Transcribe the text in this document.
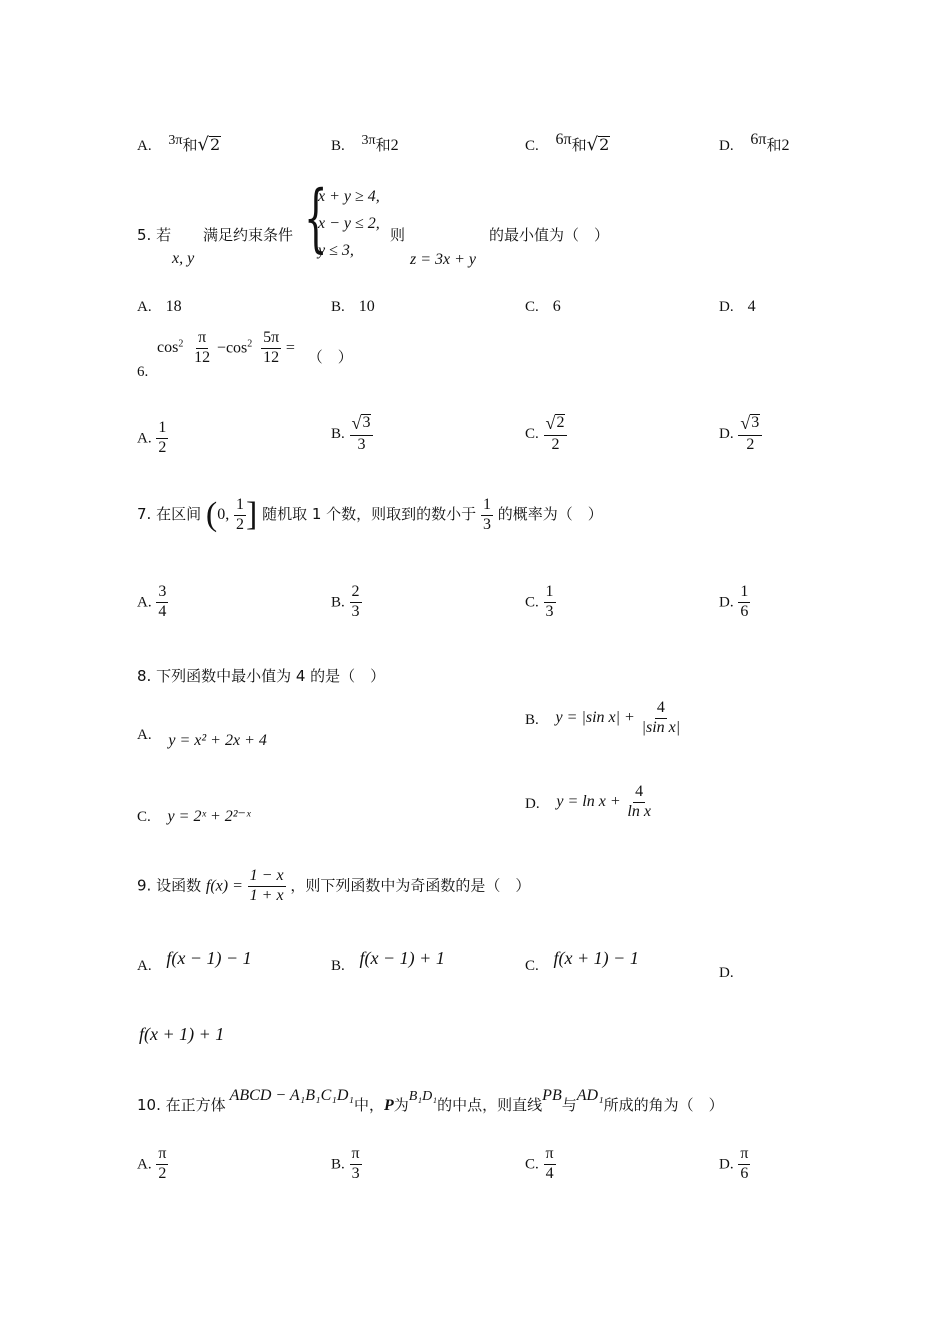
A. 3π和 √ 2	B. 3π和2	C. 6π和 √ 2	D. 6π和2
5. 若
x, y
满足约束条件 {
x + y ≥ 4,
x − y ≤ 2,
y ≤ 3,
则
z = 3x + y
的最小值为（　）
A. 18	B. 10	C. 6	D. 4
6. $\cos^2 \frac{\pi}{12} -\cos^2 \frac{5\pi}{12}$ = （　）
A. $\frac{1}{2}$	B. $\frac{√ 3}{3}$	C. $\frac{√ 2}{2}$	D. $\frac{√ 3}{2}$
7. 在区间 (0, $\frac{1}{2}$ ] 随机取 1 个数，则取到的数小于 $\frac{1}{3}$ 的概率为（　）
A. $\frac{3}{4}$	B. $\frac{2}{3}$	C. $\frac{1}{3}$	D. $\frac{1}{6}$
8. 下列函数中最小值为 4 的是（　）
A. y = x² + 2x + 4
B. y = |sin $x| + \frac{4}{\text{|sin x|}}$
C. y = 2ˣ + 2²⁻ˣ
D. $y = \ln x + \frac{4}{\text{ln x}}$
9. 设函数 $f(x) = \frac{1 - x}{1 + x}$ ，则下列函数中为奇函数的是（　）
A. f(x − 1) − 1	B. f(x − 1) + 1	C. f(x + 1) − 1
D.
f(x + 1) + 1
10. 在正方体ABCD − A₁B₁C₁D₁中，P为B₁D₁的中点，则直线PB与AD₁所成的角为（　）
A. $\frac{\pi}{2}$	B. $\frac{\pi}{3}$	C. $\frac{\pi}{4}$	D. $\frac{\pi}{6}$
